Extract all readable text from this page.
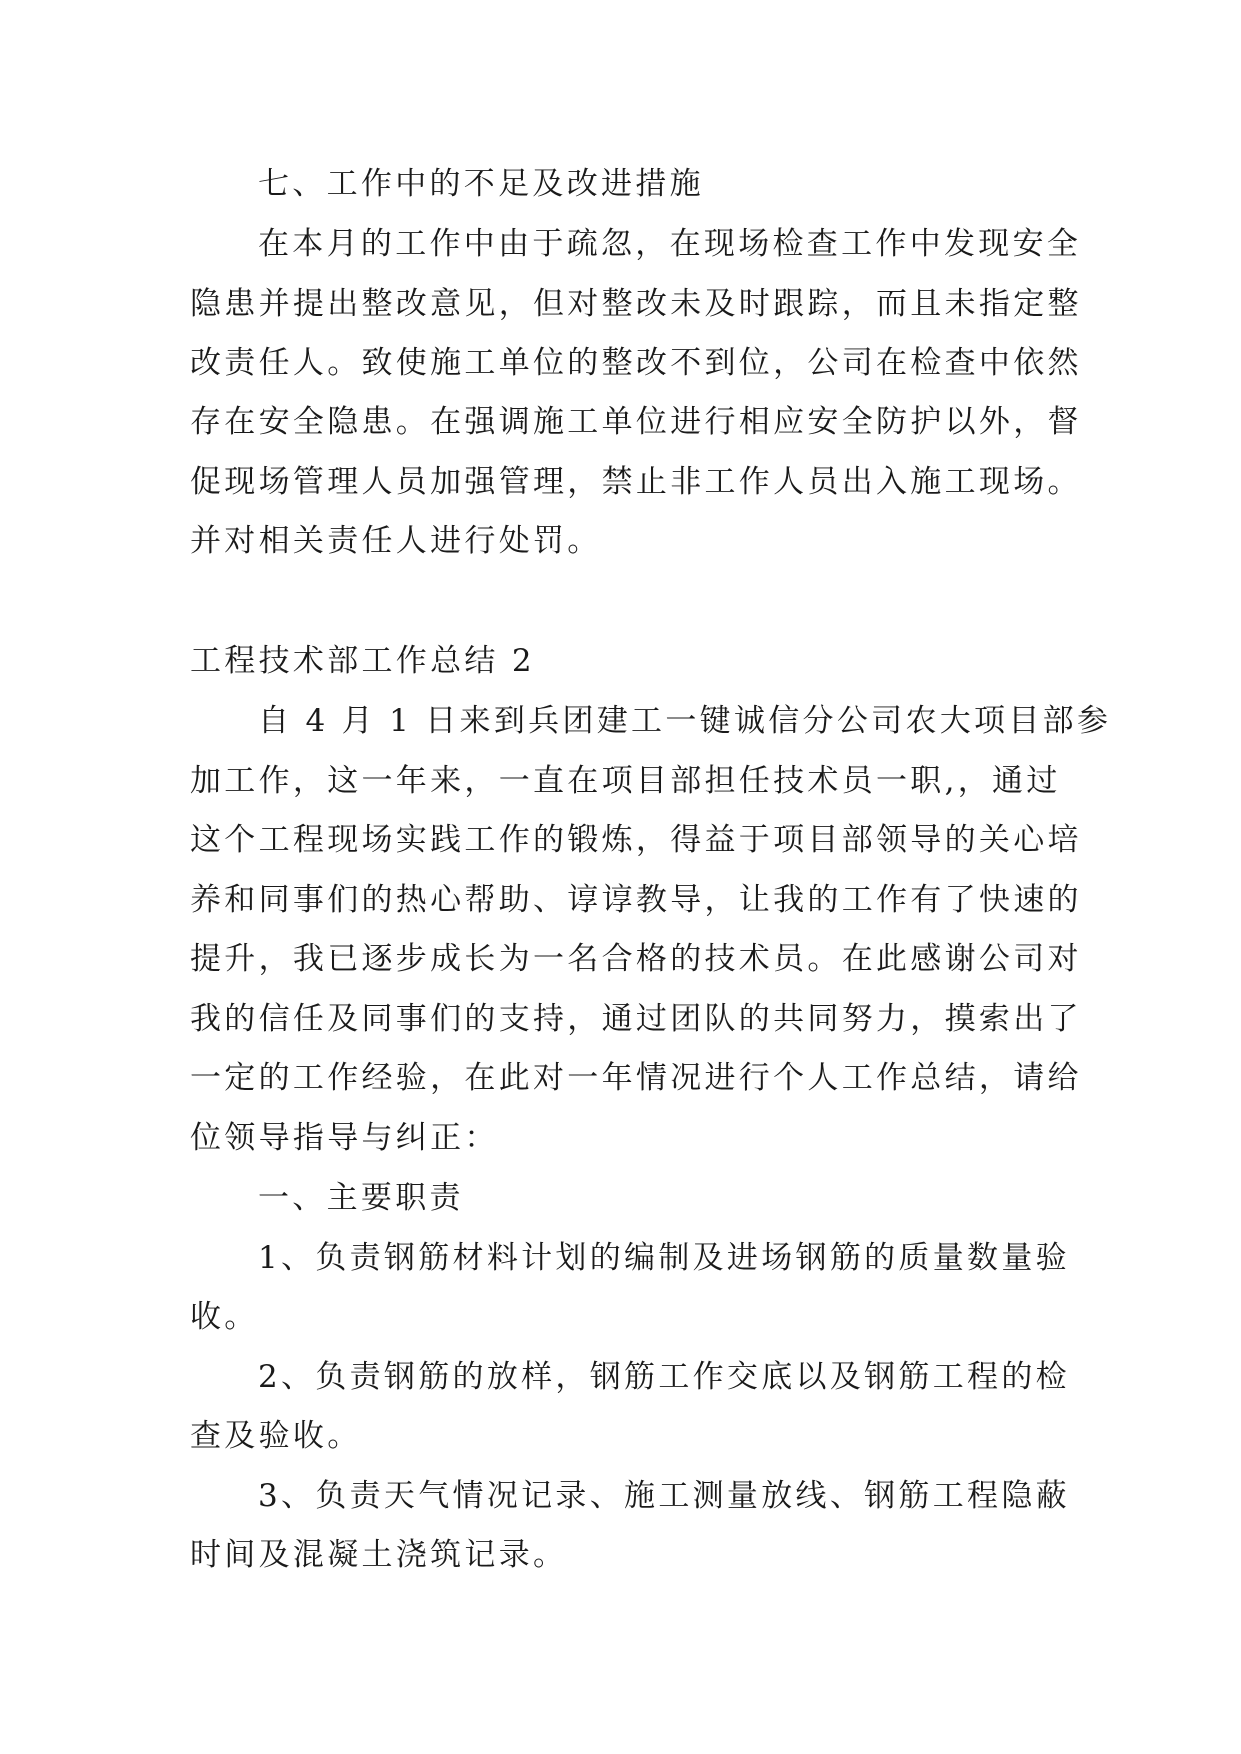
七、工作中的不足及改进措施
在本月的工作中由于疏忽，在现场检查工作中发现安全
隐患并提出整改意见，但对整改未及时跟踪，而且未指定整
改责任人。致使施工单位的整改不到位，公司在检查中依然
存在安全隐患。在强调施工单位进行相应安全防护以外，督
促现场管理人员加强管理，禁止非工作人员出入施工现场。
并对相关责任人进行处罚。
工程技术部工作总结 2
自 4 月 1 日来到兵团建工一键诚信分公司农大项目部参
加工作，这一年来，一直在项目部担任技术员一职,，通过
这个工程现场实践工作的锻炼，得益于项目部领导的关心培
养和同事们的热心帮助、谆谆教导，让我的工作有了快速的
提升，我已逐步成长为一名合格的技术员。在此感谢公司对
我的信任及同事们的支持，通过团队的共同努力，摸索出了
一定的工作经验，在此对一年情况进行个人工作总结，请给
位领导指导与纠正：
一、主要职责
1、负责钢筋材料计划的编制及进场钢筋的质量数量验
收。
2、负责钢筋的放样，钢筋工作交底以及钢筋工程的检
查及验收。
3、负责天气情况记录、施工测量放线、钢筋工程隐蔽
时间及混凝土浇筑记录。
